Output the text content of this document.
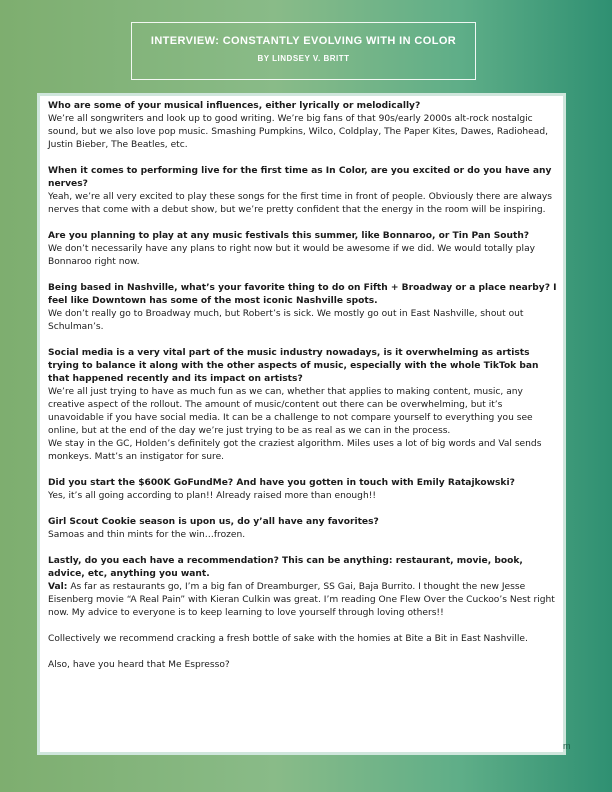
INTERVIEW: CONSTANTLY EVOLVING WITH IN COLOR
BY LINDSEY V. BRITT

Who are some of your musical influences, either lyrically or melodically?

We’re all songwriters and look up to good writing. We’re big fans of that 90s/early 2000s alt-rock nostalgic sound, but we also love pop music. Smashing Pumpkins, Wilco, Coldplay, The Paper Kites, Dawes, Radiohead, Justin Bieber, The Beatles, etc.

When it comes to performing live for the first time as In Color, are you excited or do you have any nerves?

Yeah, we’re all very excited to play these songs for the first time in front of people. Obviously there are always nerves that come with a debut show, but we’re pretty confident that the energy in the room will be inspiring.

Are you planning to play at any music festivals this summer, like Bonnaroo, or Tin Pan South?

We don’t necessarily have any plans to right now but it would be awesome if we did. We would totally play Bonnaroo right now.

Being based in Nashville, what’s your favorite thing to do on Fifth + Broadway or a place nearby? I feel like Downtown has some of the most iconic Nashville spots.

We don’t really go to Broadway much, but Robert’s is sick. We mostly go out in East Nashville, shout out Schulman’s.

Social media is a very vital part of the music industry nowadays, is it overwhelming as artists trying to balance it along with the other aspects of music, especially with the whole TikTok ban that happened recently and its impact on artists?

We’re all just trying to have as much fun as we can, whether that applies to making content, music, any creative aspect of the rollout. The amount of music/content out there can be overwhelming, but it’s unavoidable if you have social media. It can be a challenge to not compare yourself to everything you see online, but at the end of the day we’re just trying to be as real as we can in the process.

We stay in the GC, Holden’s definitely got the craziest algorithm. Miles uses a lot of big words and Val sends monkeys. Matt’s an instigator for sure.

Did you start the $600K GoFundMe? And have you gotten in touch with Emily Ratajkowski?

Yes, it’s all going according to plan!! Already raised more than enough!!

Girl Scout Cookie season is upon us, do y’all have any favorites?

Samoas and thin mints for the win…frozen.

Lastly, do you each have a recommendation? This can be anything: restaurant, movie, book, advice, etc, anything you want.

Val: As far as restaurants go, I’m a big fan of Dreamburger, SS Gai, Baja Burrito. I thought the new Jesse Eisenberg movie “A Real Pain” with Kieran Culkin was great. I’m reading One Flew Over the Cuckoo’s Nest right now. My advice to everyone is to keep learning to love yourself through loving others!!

Collectively we recommend cracking a fresh bottle of sake with the homies at Bite a Bit in East Nashville.

Also, have you heard that Me Espresso?

m
